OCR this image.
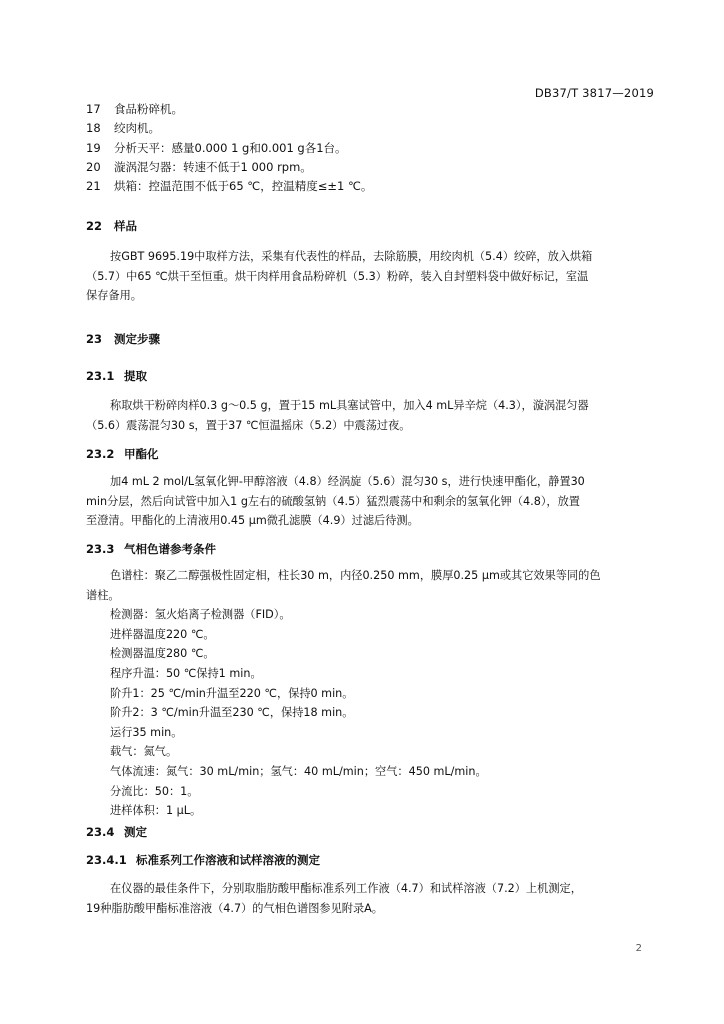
DB37/T 3817—2019
17 食品粉碎机。
18 绞肉机。
19 分析天平：感量0.000 1 g和0.001 g各1台。
20 漩涡混匀器：转速不低于1 000 rpm。
21 烘箱：控温范围不低于65 ℃，控温精度≤±1 ℃。
22 样品
按GBT 9695.19中取样方法，采集有代表性的样品，去除筋膜，用绞肉机（5.4）绞碎，放入烘箱
（5.7）中65 ℃烘干至恒重。烘干肉样用食品粉碎机（5.3）粉碎，装入自封塑料袋中做好标记，室温
保存备用。
23 测定步骤
23.1 提取
称取烘干粉碎肉样0.3 g～0.5 g，置于15 mL具塞试管中，加入4 mL异辛烷（4.3），漩涡混匀器
（5.6）震荡混匀30 s，置于37 ℃恒温摇床（5.2）中震荡过夜。
23.2 甲酯化
加4 mL 2 mol/L氢氧化钾-甲醇溶液（4.8）经涡旋（5.6）混匀30 s，进行快速甲酯化，静置30
min分层，然后向试管中加入1 g左右的硫酸氢钠（4.5）猛烈震荡中和剩余的氢氧化钾（4.8），放置
至澄清。甲酯化的上清液用0.45 μm微孔滤膜（4.9）过滤后待测。
23.3 气相色谱参考条件
色谱柱：聚乙二醇强极性固定相，柱长30 m，内径0.250 mm，膜厚0.25 μm或其它效果等同的色
谱柱。
检测器：氢火焰离子检测器（FID）。
进样器温度220 ℃。
检测器温度280 ℃。
程序升温：50 ℃保持1 min。
阶升1：25 ℃/min升温至220 ℃，保持0 min。
阶升2：3 ℃/min升温至230 ℃，保持18 min。
运行35 min。
载气：氮气。
气体流速：氮气：30 mL/min；氢气：40 mL/min；空气：450 mL/min。
分流比：50：1。
进样体积：1 μL。
23.4 测定
23.4.1 标准系列工作溶液和试样溶液的测定
在仪器的最佳条件下，分别取脂肪酸甲酯标准系列工作液（4.7）和试样溶液（7.2）上机测定，
19种脂肪酸甲酯标准溶液（4.7）的气相色谱图参见附录A。
2
